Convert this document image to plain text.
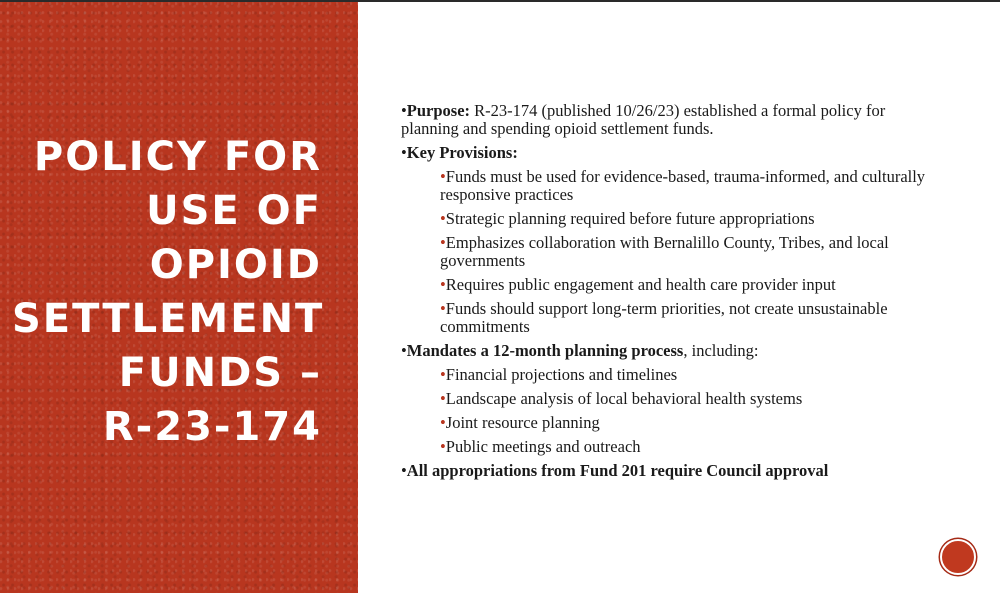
POLICY FOR
USE OF
OPIOID
SETTLEMENT
FUNDS –
R-23-174
•Purpose: R-23-174 (published 10/26/23) established a formal policy for planning and spending opioid settlement funds.
•Key Provisions:
•Funds must be used for evidence-based, trauma-informed, and culturally responsive practices
•Strategic planning required before future appropriations
•Emphasizes collaboration with Bernalillo County, Tribes, and local governments
•Requires public engagement and health care provider input
•Funds should support long-term priorities, not create unsustainable commitments
•Mandates a 12-month planning process, including:
•Financial projections and timelines
•Landscape analysis of local behavioral health systems
•Joint resource planning
•Public meetings and outreach
•All appropriations from Fund 201 require Council approval
